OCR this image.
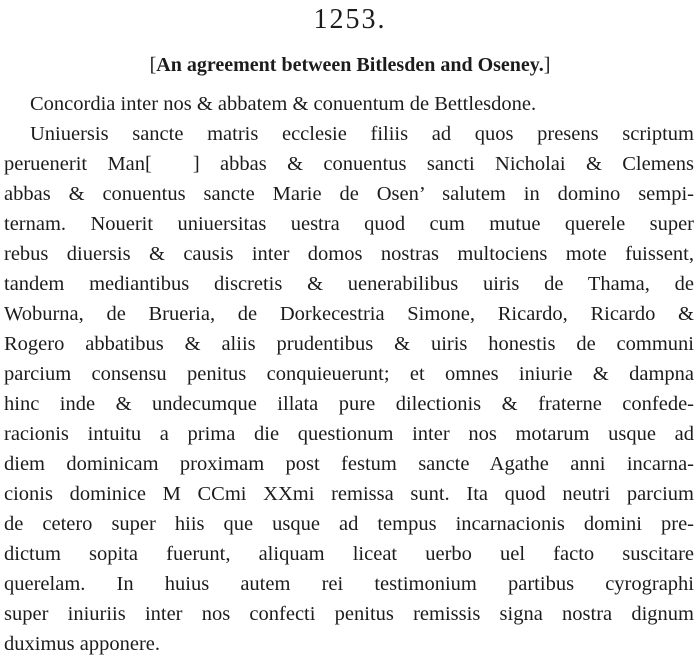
1253.
[An agreement between Bitlesden and Oseney.]
Concordia inter nos & abbatem & conuentum de Bettlesdone.
Uniuersis sancte matris ecclesie filiis ad quos presens scriptum
peruenerit Man[  ] abbas & conuentus sancti Nicholai & Clemens
abbas & conuentus sancte Marie de Osen’ salutem in domino sempi-
ternam. Nouerit uniuersitas uestra quod cum mutue querele super
rebus diuersis & causis inter domos nostras multociens mote fuissent,
tandem mediantibus discretis & uenerabilibus uiris de Thama, de
Woburna, de Brueria, de Dorkecestria Simone, Ricardo, Ricardo &
Rogero abbatibus & aliis prudentibus & uiris honestis de communi
parcium consensu penitus conquieuerunt; et omnes iniurie & dampna
hinc inde & undecumque illata pure dilectionis & fraterne confede-
racionis intuitu a prima die questionum inter nos motarum usque ad
diem dominicam proximam post festum sancte Agathe anni incarna-
cionis dominice M CCmi XXmi remissa sunt. Ita quod neutri parcium
de cetero super hiis que usque ad tempus incarnacionis domini pre-
dictum sopita fuerunt, aliquam liceat uerbo uel facto suscitare
querelam. In huius autem rei testimonium partibus cyrographi
super iniuriis inter nos confecti penitus remissis signa nostra dignum
duximus apponere.
